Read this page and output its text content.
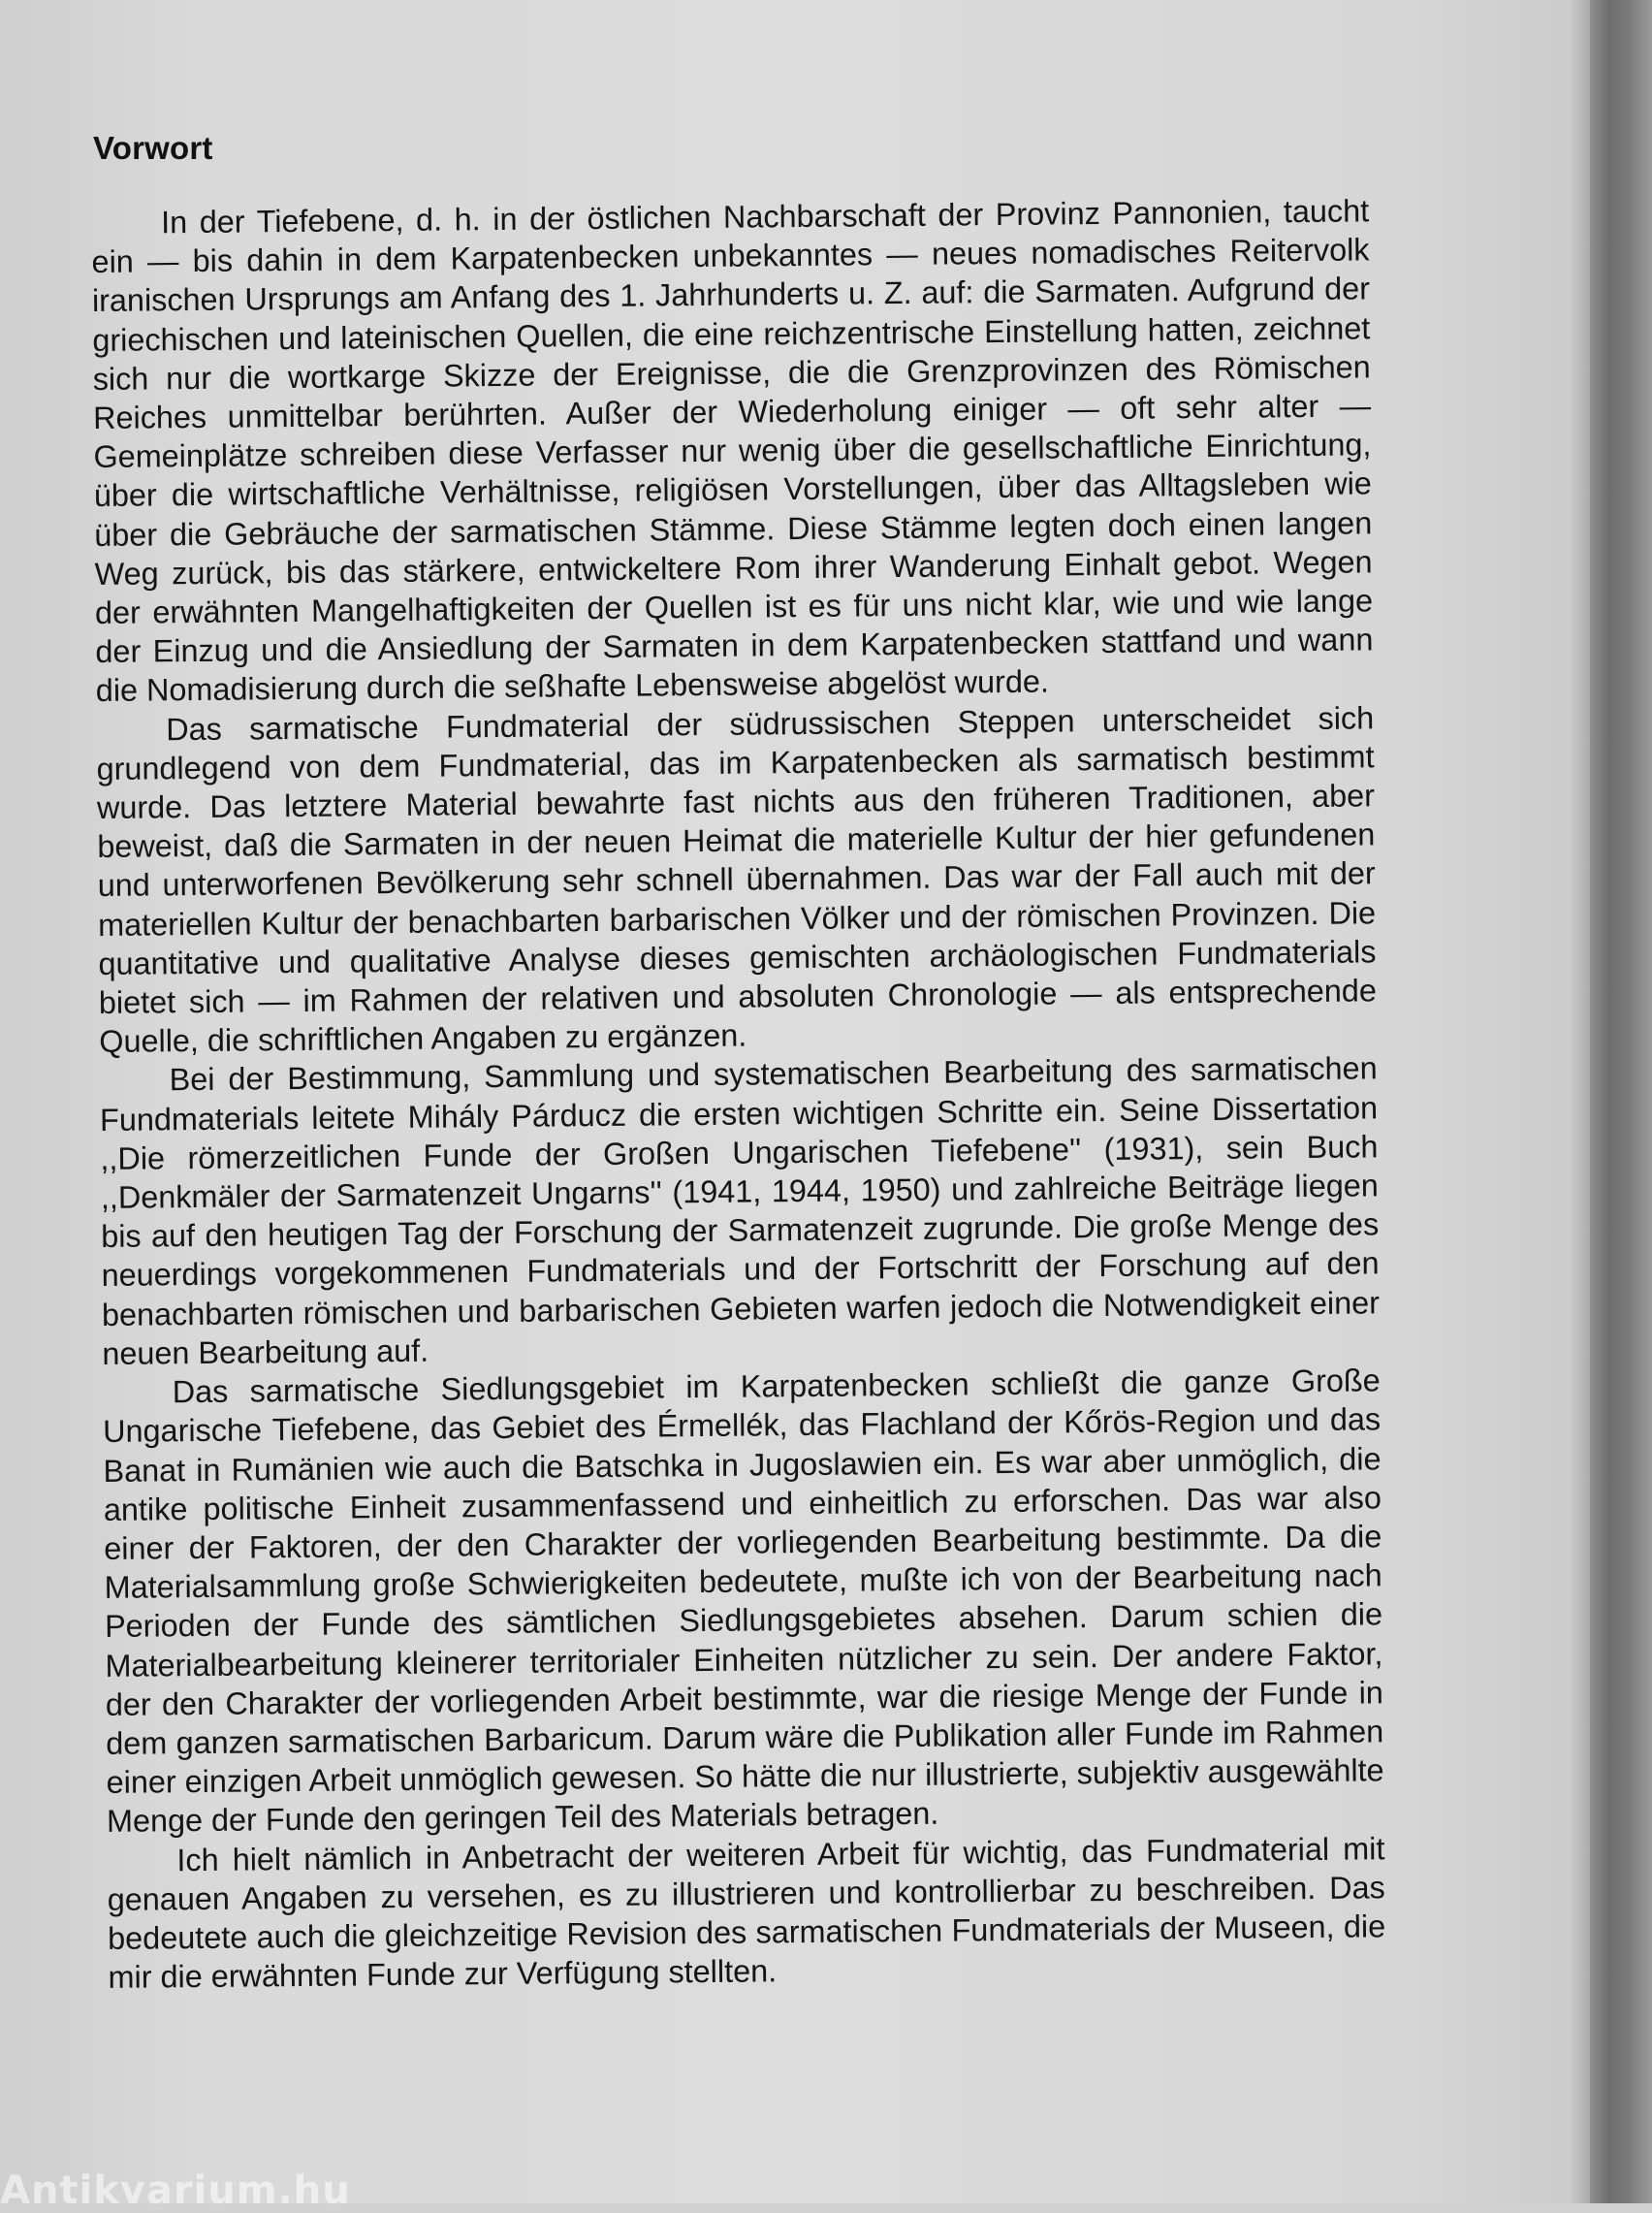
Vorwort

In der Tiefebene, d. h. in der östlichen Nachbarschaft der Provinz Pannonien, taucht ein — bis dahin in dem Karpatenbecken unbekanntes — neues nomadisches Reitervolk iranischen Ursprungs am Anfang des 1. Jahrhunderts u. Z. auf: die Sarmaten. Aufgrund der griechischen und lateinischen Quellen, die eine reichzentrische Einstellung hatten, zeichnet sich nur die wortkarge Skizze der Ereignisse, die die Grenzprovinzen des Römischen Reiches unmittelbar berührten. Außer der Wiederholung einiger — oft sehr alter — Gemeinplätze schreiben diese Verfasser nur wenig über die gesellschaftliche Einrichtung, über die wirtschaftliche Verhältnisse, religiösen Vorstellungen, über das Alltagsleben wie über die Gebräuche der sarmatischen Stämme. Diese Stämme legten doch einen langen Weg zurück, bis das stärkere, entwickeltere Rom ihrer Wanderung Einhalt gebot. Wegen der erwähnten Mangelhaftigkeiten der Quellen ist es für uns nicht klar, wie und wie lange der Einzug und die Ansiedlung der Sarmaten in dem Karpatenbecken stattfand und wann die Nomadisierung durch die seßhafte Lebensweise abgelöst wurde.

Das sarmatische Fundmaterial der südrussischen Steppen unterscheidet sich grundlegend von dem Fundmaterial, das im Karpatenbecken als sarmatisch bestimmt wurde. Das letztere Material bewahrte fast nichts aus den früheren Traditionen, aber beweist, daß die Sarmaten in der neuen Heimat die materielle Kultur der hier gefundenen und unterworfenen Bevölkerung sehr schnell übernahmen. Das war der Fall auch mit der materiellen Kultur der benachbarten barbarischen Völker und der römischen Provinzen. Die quantitative und qualitative Analyse dieses gemischten archäologischen Fundmaterials bietet sich — im Rahmen der relativen und absoluten Chronologie — als entsprechende Quelle, die schriftlichen Angaben zu ergänzen.

Bei der Bestimmung, Sammlung und systematischen Bearbeitung des sarmatischen Fundmaterials leitete Mihály Párducz die ersten wichtigen Schritte ein. Seine Dissertation ,,Die römerzeitlichen Funde der Großen Ungarischen Tiefebene'' (1931), sein Buch ,,Denkmäler der Sarmatenzeit Ungarns'' (1941, 1944, 1950) und zahlreiche Beiträge liegen bis auf den heutigen Tag der Forschung der Sarmatenzeit zugrunde. Die große Menge des neuerdings vorgekommenen Fundmaterials und der Fortschritt der Forschung auf den benachbarten römischen und barbarischen Gebieten warfen jedoch die Notwendigkeit einer neuen Bearbeitung auf.

Das sarmatische Siedlungsgebiet im Karpatenbecken schließt die ganze Große Ungarische Tiefebene, das Gebiet des Érmellék, das Flachland der Kőrös-Region und das Banat in Rumänien wie auch die Batschka in Jugoslawien ein. Es war aber unmöglich, die antike politische Einheit zusammenfassend und einheitlich zu erforschen. Das war also einer der Faktoren, der den Charakter der vorliegenden Bearbeitung bestimmte. Da die Materialsammlung große Schwierigkeiten bedeutete, mußte ich von der Bearbeitung nach Perioden der Funde des sämtlichen Siedlungsgebietes absehen. Darum schien die Materialbearbeitung kleinerer territorialer Einheiten nützlicher zu sein. Der andere Faktor, der den Charakter der vorliegenden Arbeit bestimmte, war die riesige Menge der Funde in dem ganzen sarmatischen Barbaricum. Darum wäre die Publikation aller Funde im Rahmen einer einzigen Arbeit unmöglich gewesen. So hätte die nur illustrierte, subjektiv ausgewählte Menge der Funde den geringen Teil des Materials betragen.

Ich hielt nämlich in Anbetracht der weiteren Arbeit für wichtig, das Fundmaterial mit genauen Angaben zu versehen, es zu illustrieren und kontrollierbar zu beschreiben. Das bedeutete auch die gleichzeitige Revision des sarmatischen Fundmaterials der Museen, die mir die erwähnten Funde zur Verfügung stellten.

Antikvarium.hu
